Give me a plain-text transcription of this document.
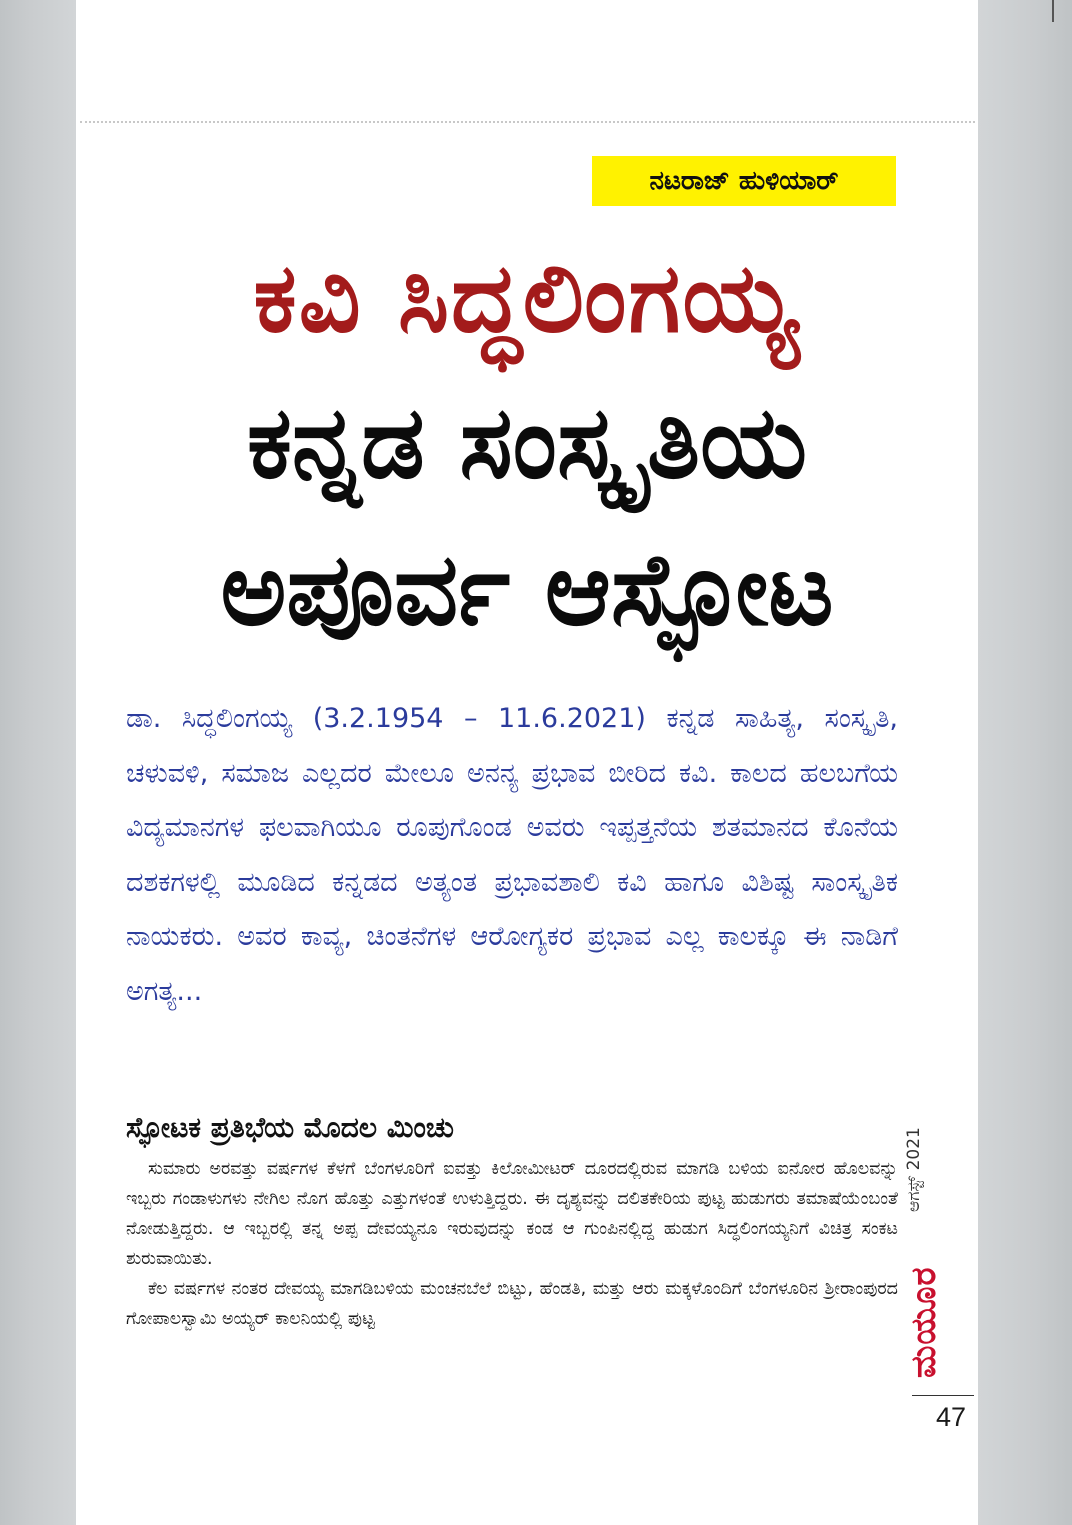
ನಟರಾಜ್ ಹುಳಿಯಾರ್
ಕವಿ ಸಿದ್ಧಲಿಂಗಯ್ಯ
ಕನ್ನಡ ಸಂಸ್ಕೃತಿಯ
ಅಪೂರ್ವ ಆಸ್ಫೋಟ
ಡಾ. ಸಿದ್ಧಲಿಂಗಯ್ಯ (3.2.1954 – 11.6.2021) ಕನ್ನಡ ಸಾಹಿತ್ಯ, ಸಂಸ್ಕೃತಿ, ಚಳುವಳಿ, ಸಮಾಜ ಎಲ್ಲದರ ಮೇಲೂ ಅನನ್ಯ ಪ್ರಭಾವ ಬೀರಿದ ಕವಿ. ಕಾಲದ ಹಲಬಗೆಯ ವಿದ್ಯಮಾನಗಳ ಫಲವಾಗಿಯೂ ರೂಪುಗೊಂಡ ಅವರು ಇಪ್ಪತ್ತನೆಯ ಶತಮಾನದ ಕೊನೆಯ ದಶಕಗಳಲ್ಲಿ ಮೂಡಿದ ಕನ್ನಡದ ಅತ್ಯಂತ ಪ್ರಭಾವಶಾಲಿ ಕವಿ ಹಾಗೂ ವಿಶಿಷ್ಟ ಸಾಂಸ್ಕೃತಿಕ ನಾಯಕರು. ಅವರ ಕಾವ್ಯ, ಚಿಂತನೆಗಳ ಆರೋಗ್ಯಕರ ಪ್ರಭಾವ ಎಲ್ಲ ಕಾಲಕ್ಕೂ ಈ ನಾಡಿಗೆ ಅಗತ್ಯ...
ಸ್ಫೋಟಕ ಪ್ರತಿಭೆಯ ಮೊದಲ ಮಿಂಚು

ಸುಮಾರು ಅರವತ್ತು ವರ್ಷಗಳ ಕೆಳಗೆ ಬೆಂಗಳೂರಿಗೆ ಐವತ್ತು ಕಿಲೋಮೀಟರ್ ದೂರದಲ್ಲಿರುವ ಮಾಗಡಿ ಬಳಿಯ ಐನೋರ ಹೊಲವನ್ನು ಇಬ್ಬರು ಗಂಡಾಳುಗಳು ನೇಗಿಲ ನೊಗ ಹೊತ್ತು ಎತ್ತುಗಳಂತೆ ಉಳುತ್ತಿದ್ದರು. ಈ ದೃಶ್ಯವನ್ನು ದಲಿತಕೇರಿಯ ಪುಟ್ಟ ಹುಡುಗರು ತಮಾಷೆಯೆಂಬಂತೆ ನೋಡುತ್ತಿದ್ದರು. ಆ ಇಬ್ಬರಲ್ಲಿ ತನ್ನ ಅಪ್ಪ ದೇವಯ್ಯನೂ ಇರುವುದನ್ನು ಕಂಡ ಆ ಗುಂಪಿನಲ್ಲಿದ್ದ ಹುಡುಗ ಸಿದ್ಧಲಿಂಗಯ್ಯನಿಗೆ ವಿಚಿತ್ರ ಸಂಕಟ ಶುರುವಾಯಿತು.

ಕೆಲ ವರ್ಷಗಳ ನಂತರ ದೇವಯ್ಯ ಮಾಗಡಿಬಳಿಯ ಮಂಚನಬೆಲೆ ಬಿಟ್ಟು, ಹೆಂಡತಿ, ಮತ್ತು ಆರು ಮಕ್ಕಳೊಂದಿಗೆ ಬೆಂಗಳೂರಿನ ಶ್ರೀರಾಂಪುರದ ಗೋಪಾಲಸ್ವಾಮಿ ಅಯ್ಯರ್ ಕಾಲನಿಯಲ್ಲಿ ಪುಟ್ಟ

ಆಗಸ್ಟ್ 2021
ಮಯೂರ
47
